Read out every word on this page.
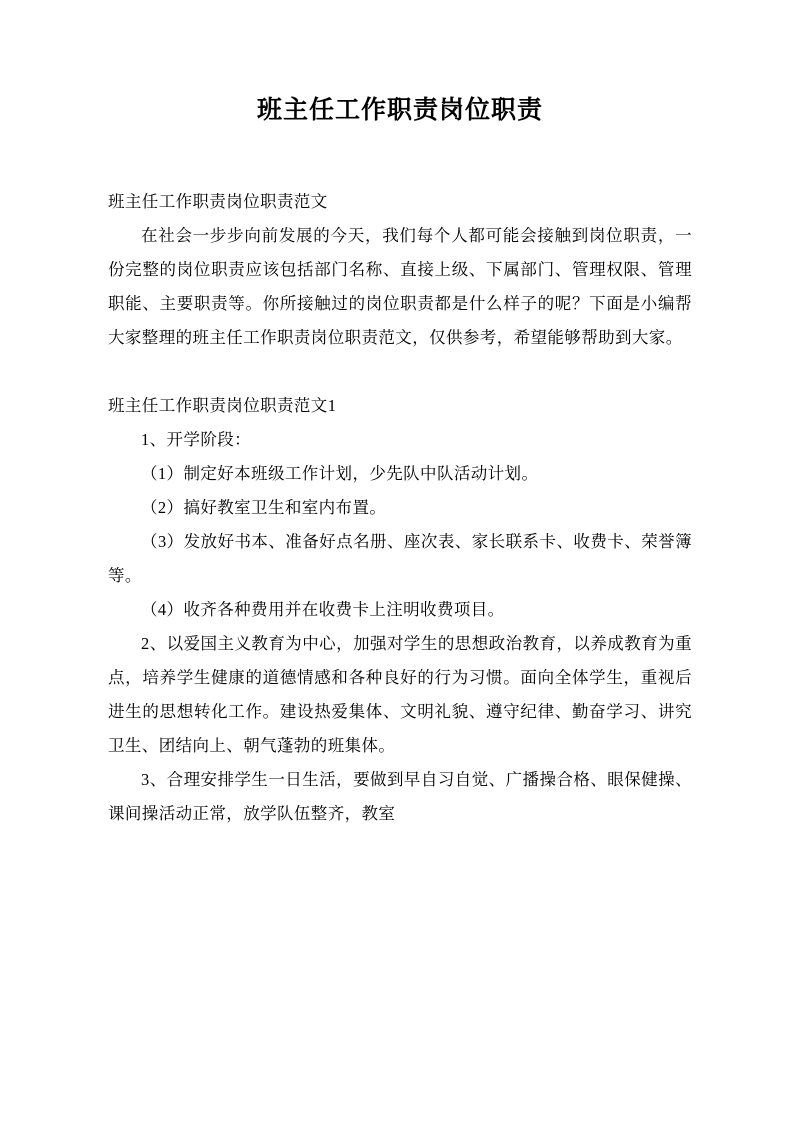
班主任工作职责岗位职责

班主任工作职责岗位职责范文

在社会一步步向前发展的今天，我们每个人都可能会接触到岗位职责，一份完整的岗位职责应该包括部门名称、直接上级、下属部门、管理权限、管理职能、主要职责等。你所接触过的岗位职责都是什么样子的呢？下面是小编帮大家整理的班主任工作职责岗位职责范文，仅供参考，希望能够帮助到大家。

班主任工作职责岗位职责范文1

1、开学阶段：

（1）制定好本班级工作计划，少先队中队活动计划。

（2）搞好教室卫生和室内布置。

（3）发放好书本、准备好点名册、座次表、家长联系卡、收费卡、荣誉簿等。

（4）收齐各种费用并在收费卡上注明收费项目。

2、以爱国主义教育为中心，加强对学生的思想政治教育，以养成教育为重点，培养学生健康的道德情感和各种良好的行为习惯。面向全体学生，重视后进生的思想转化工作。建设热爱集体、文明礼貌、遵守纪律、勤奋学习、讲究卫生、团结向上、朝气蓬勃的班集体。

3、合理安排学生一日生活，要做到早自习自觉、广播操合格、眼保健操、课间操活动正常，放学队伍整齐，教室
